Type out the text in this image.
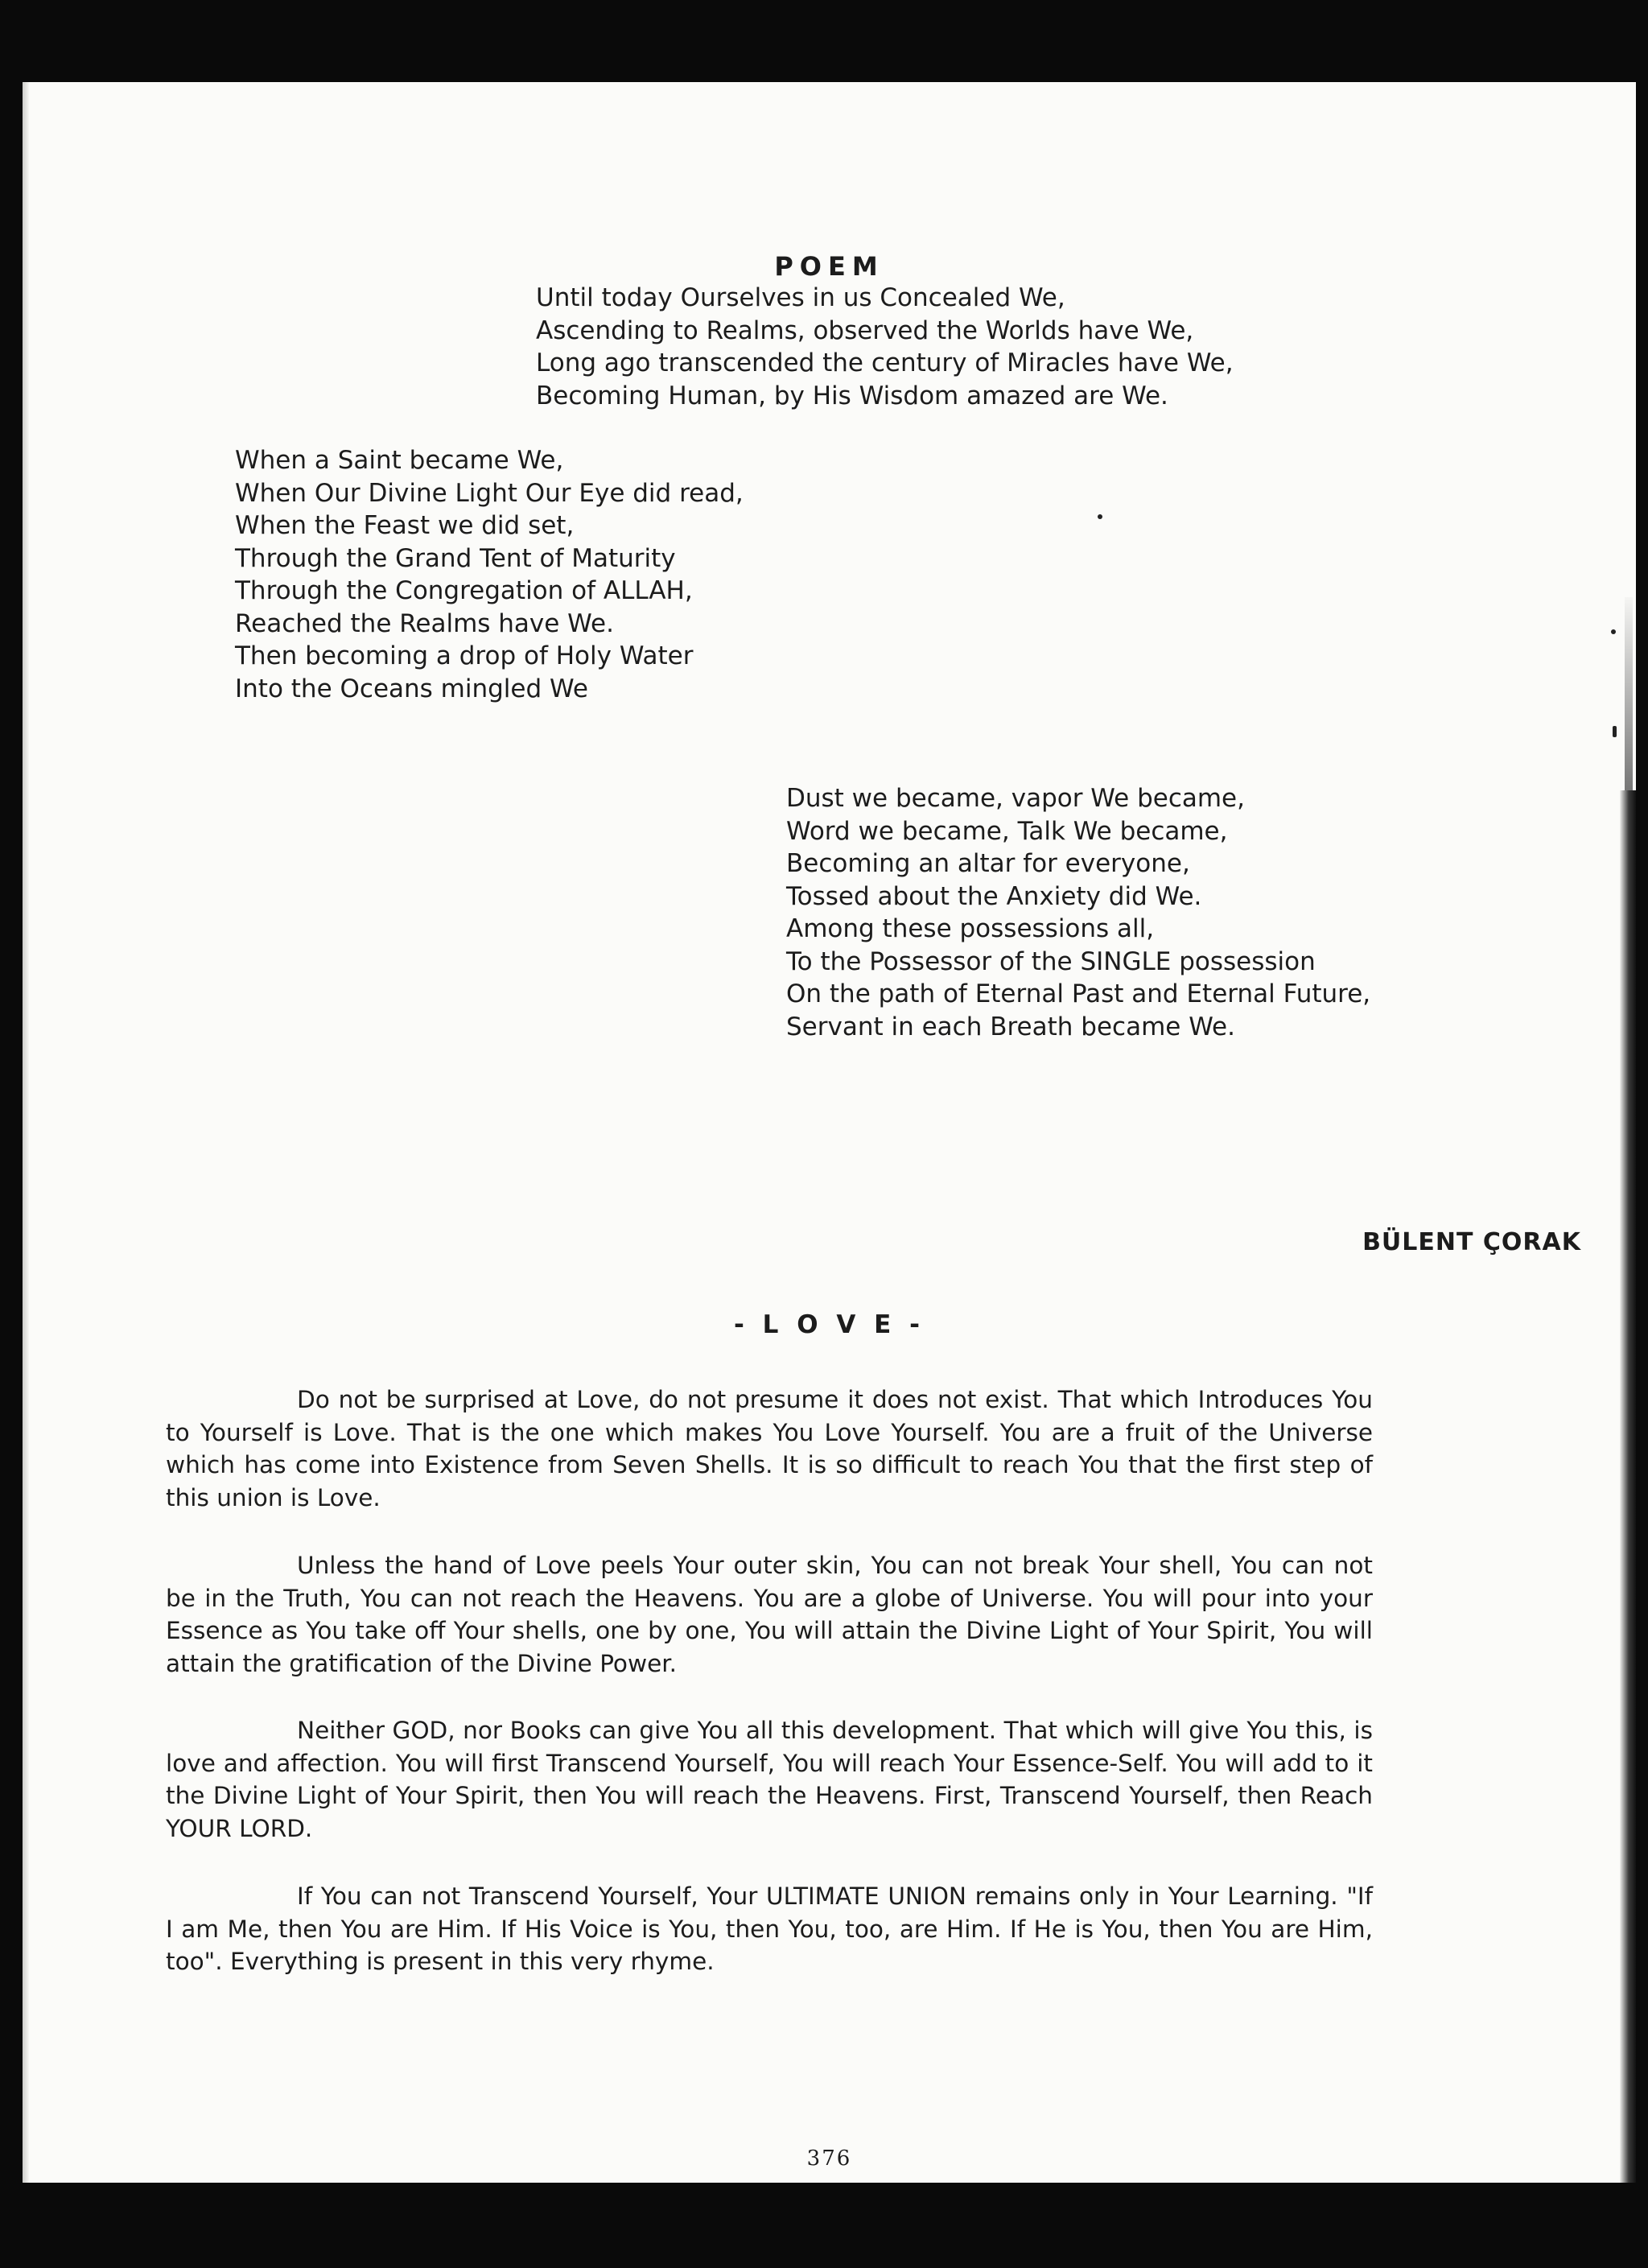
POEM

Until today Ourselves in us Concealed We,
Ascending to Realms, observed the Worlds have We,
Long ago transcended the century of Miracles have We,
Becoming Human, by His Wisdom amazed are We.

When a Saint became We,
When Our Divine Light Our Eye did read,
When the Feast we did set,
Through the Grand Tent of Maturity
Through the Congregation of ALLAH,
Reached the Realms have We.
Then becoming a drop of Holy Water
Into the Oceans mingled We

Dust we became, vapor We became,
Word we became, Talk We became,
Becoming an altar for everyone,
Tossed about the Anxiety did We.
Among these possessions all,
To the Possessor of the SINGLE possession
On the path of Eternal Past and Eternal Future,
Servant in each Breath became We.

BÜLENT ÇORAK

- L O V E -

Do not be surprised at Love, do not presume it does not exist. That which Introduces You to Yourself is Love. That is the one which makes You Love Yourself. You are a fruit of the Universe which has come into Existence from Seven Shells. It is so difficult to reach You that the first step of this union is Love.

Unless the hand of Love peels Your outer skin, You can not break Your shell, You can not be in the Truth, You can not reach the Heavens. You are a globe of Universe. You will pour into your Essence as You take off Your shells, one by one, You will attain the Divine Light of Your Spirit, You will attain the gratification of the Divine Power.

Neither GOD, nor Books can give You all this development. That which will give You this, is love and affection. You will first Transcend Yourself, You will reach Your Essence-Self. You will add to it the Divine Light of Your Spirit, then You will reach the Heavens. First, Transcend Yourself, then Reach YOUR LORD.

If You can not Transcend Yourself, Your ULTIMATE UNION remains only in Your Learning. "If I am Me, then You are Him. If His Voice is You, then You, too, are Him. If He is You, then You are Him, too". Everything is present in this very rhyme.

376
